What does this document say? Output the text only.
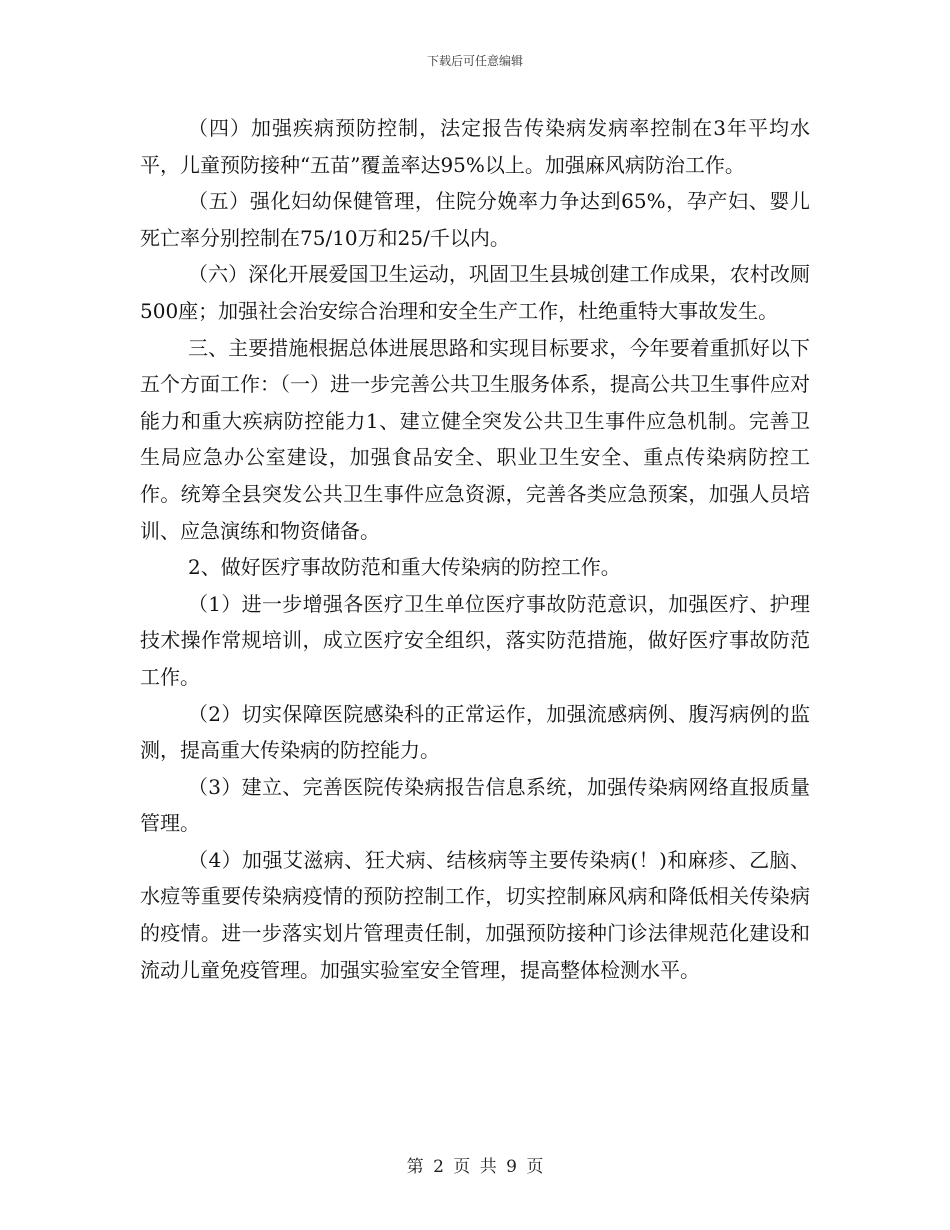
下载后可任意编辑

（四）加强疾病预防控制，法定报告传染病发病率控制在3年平均水平，儿童预防接种“五苗”覆盖率达95%以上。加强麻风病防治工作。

（五）强化妇幼保健管理，住院分娩率力争达到65%，孕产妇、婴儿死亡率分别控制在75/10万和25/千以内。

（六）深化开展爱国卫生运动，巩固卫生县城创建工作成果，农村改厕500座；加强社会治安综合治理和安全生产工作，杜绝重特大事故发生。

三、主要措施根据总体进展思路和实现目标要求，今年要着重抓好以下五个方面工作：（一）进一步完善公共卫生服务体系，提高公共卫生事件应对能力和重大疾病防控能力1、建立健全突发公共卫生事件应急机制。完善卫生局应急办公室建设，加强食品安全、职业卫生安全、重点传染病防控工作。统筹全县突发公共卫生事件应急资源，完善各类应急预案，加强人员培训、应急演练和物资储备。

2、做好医疗事故防范和重大传染病的防控工作。

（1）进一步增强各医疗卫生单位医疗事故防范意识，加强医疗、护理技术操作常规培训，成立医疗安全组织，落实防范措施，做好医疗事故防范工作。

（2）切实保障医院感染科的正常运作，加强流感病例、腹泻病例的监测，提高重大传染病的防控能力。

（3）建立、完善医院传染病报告信息系统，加强传染病网络直报质量管理。

（4）加强艾滋病、狂犬病、结核病等主要传染病(！)和麻疹、乙脑、水痘等重要传染病疫情的预防控制工作，切实控制麻风病和降低相关传染病的疫情。进一步落实划片管理责任制，加强预防接种门诊法律规范化建设和流动儿童免疫管理。加强实验室安全管理，提高整体检测水平。

第 2 页 共 9 页
